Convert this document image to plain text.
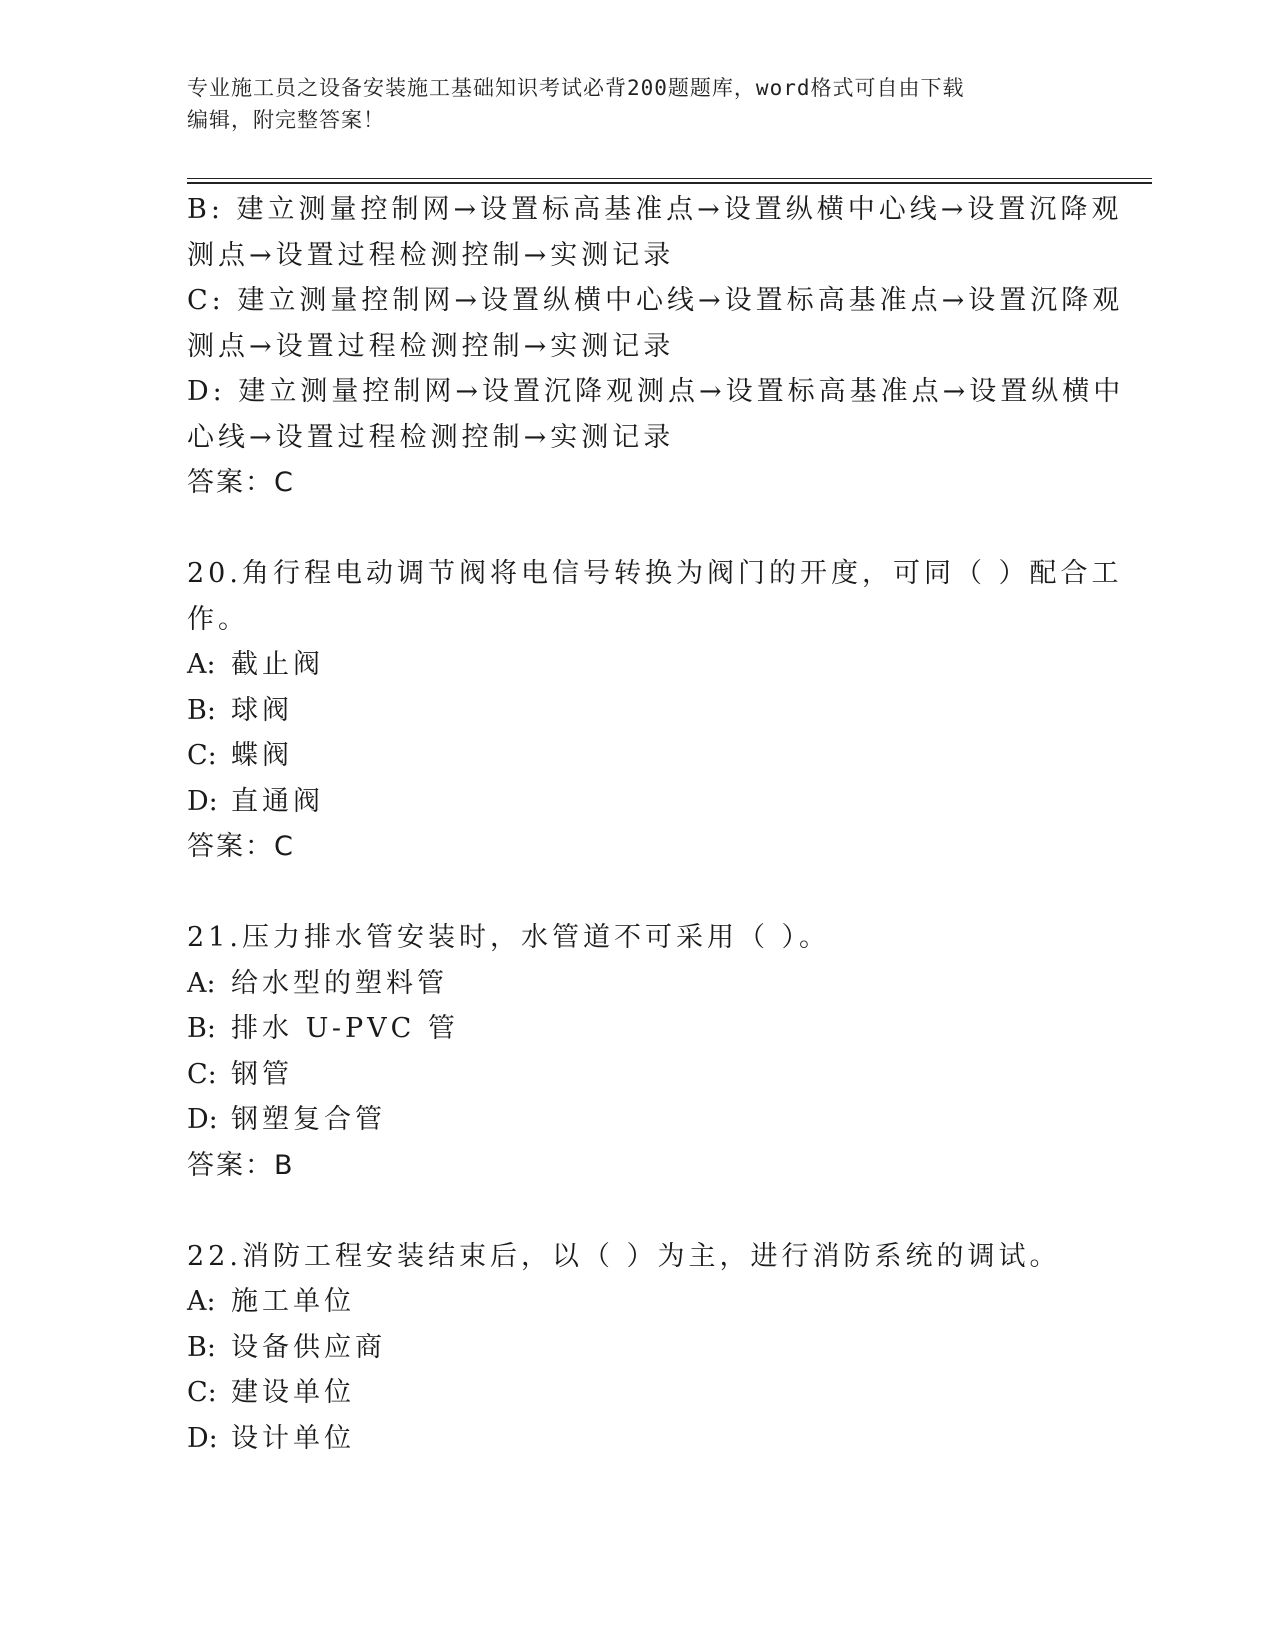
专业施工员之设备安装施工基础知识考试必背200题题库，word格式可自由下载
编辑，附完整答案！
B: 建立测量控制网→设置标高基准点→设置纵横中心线→设置沉降观
测点→设置过程检测控制→实测记录
C: 建立测量控制网→设置纵横中心线→设置标高基准点→设置沉降观
测点→设置过程检测控制→实测记录
D: 建立测量控制网→设置沉降观测点→设置标高基准点→设置纵横中
心线→设置过程检测控制→实测记录
答案：C
20.角行程电动调节阀将电信号转换为阀门的开度，可同（ ）配合工
作。
A: 截止阀
B: 球阀
C: 蝶阀
D: 直通阀
答案：C
21.压力排水管安装时，水管道不可采用（ ）。
A: 给水型的塑料管
B: 排水 U-PVC 管
C: 钢管
D: 钢塑复合管
答案：B
22.消防工程安装结束后，以（ ）为主，进行消防系统的调试。
A: 施工单位
B: 设备供应商
C: 建设单位
D: 设计单位
